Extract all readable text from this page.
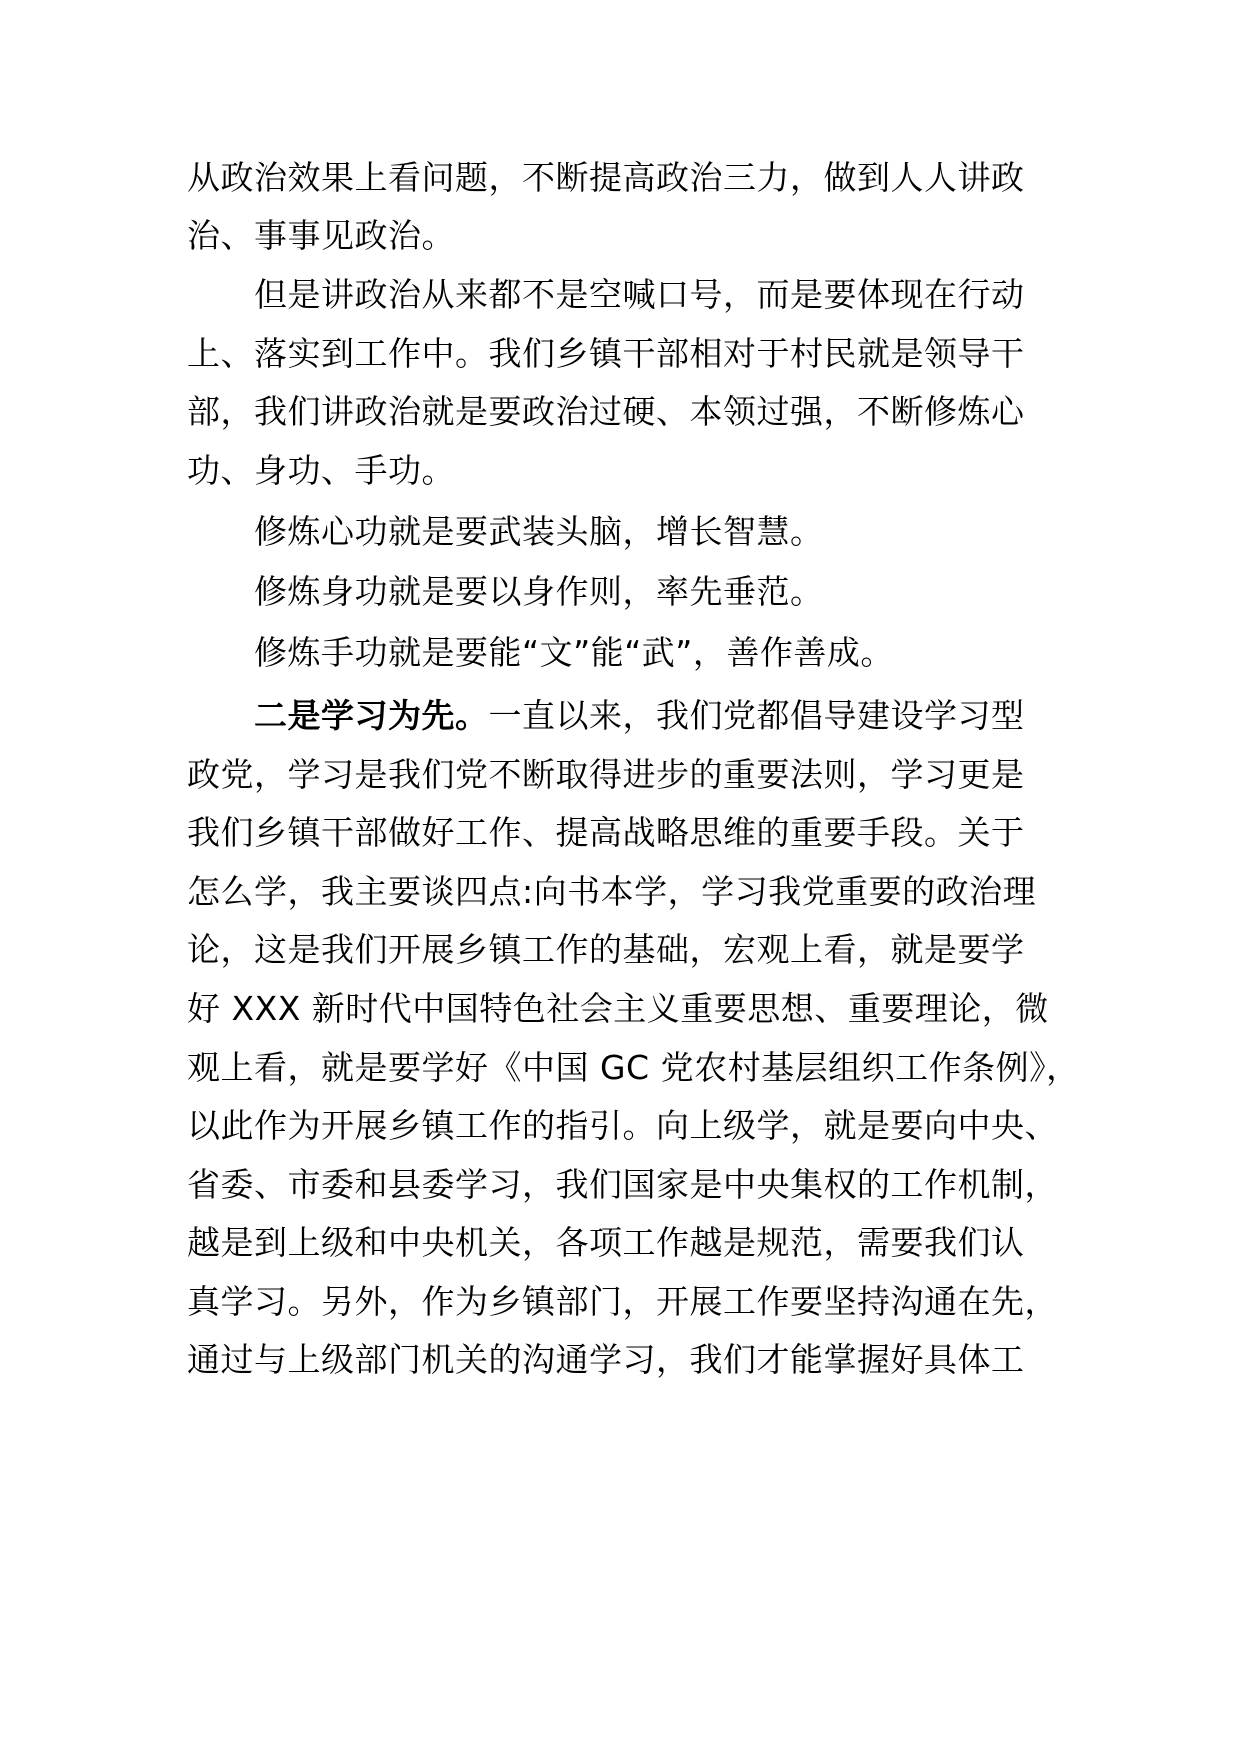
从政治效果上看问题，不断提高政治三力，做到人人讲政
治、事事见政治。
但是讲政治从来都不是空喊口号，而是要体现在行动
上、落实到工作中。我们乡镇干部相对于村民就是领导干
部，我们讲政治就是要政治过硬、本领过强，不断修炼心
功、身功、手功。
修炼心功就是要武装头脑，增长智慧。
修炼身功就是要以身作则，率先垂范。
修炼手功就是要能“文”能“武”，善作善成。
二是学习为先。一直以来，我们党都倡导建设学习型
政党，学习是我们党不断取得进步的重要法则，学习更是
我们乡镇干部做好工作、提高战略思维的重要手段。关于
怎么学，我主要谈四点:向书本学，学习我党重要的政治理
论，这是我们开展乡镇工作的基础，宏观上看，就是要学
好 XXX 新时代中国特色社会主义重要思想、重要理论，微
观上看，就是要学好《中国 GC 党农村基层组织工作条例》，
以此作为开展乡镇工作的指引。向上级学，就是要向中央、
省委、市委和县委学习，我们国家是中央集权的工作机制，
越是到上级和中央机关，各项工作越是规范，需要我们认
真学习。另外，作为乡镇部门，开展工作要坚持沟通在先，
通过与上级部门机关的沟通学习，我们才能掌握好具体工
